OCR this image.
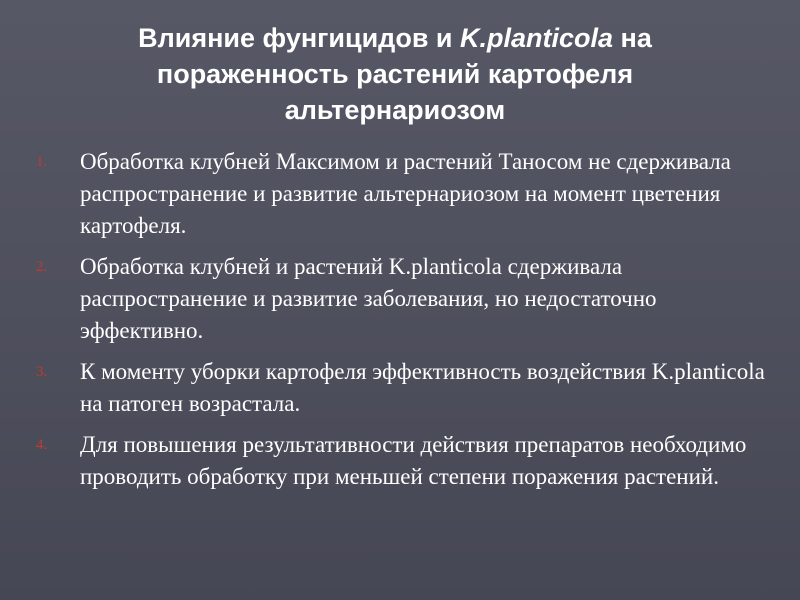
Влияние фунгицидов и K.planticola на пораженность растений картофеля альтернариозом
1. Обработка клубней Максимом и растений Таносом не сдерживала распространение и развитие альтернариозом на момент цветения картофеля.
2. Обработка клубней и растений K.planticola сдерживала распространение и развитие заболевания, но недостаточно эффективно.
3. К моменту уборки картофеля эффективность воздействия K.planticola на патоген возрастала.
4. Для повышения результативности действия препаратов необходимо проводить обработку при меньшей степени поражения растений.
